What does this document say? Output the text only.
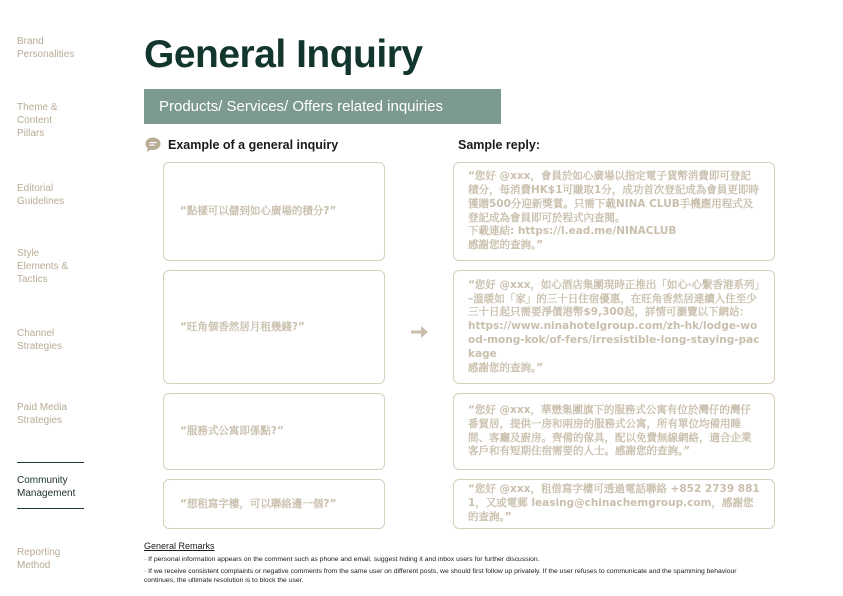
Brand
Personalities
Theme &
Content
Pillars
Editorial
Guidelines
Style
Elements &
Tactics
Channel
Strategies
Paid Media
Strategies
Community
Management
Reporting
Method
General Inquiry
Products/ Services/ Offers related inquiries
Example of a general inquiry	Sample reply:
“點樣可以儲到如心廣場的積分?”
“您好 @xxx，會員於如心廣場以指定電子貨幣消費即可登記積分，每消費HK$1可賺取1分，成功首次登記成為會員更即時獲贈500分迎新獎賞。只需下載NINA CLUB手機應用程式及登記成為會員即可於程式內查閱。
下載連結: https://l.ead.me/NINACLUB
感謝您的查詢。”
“旺角個香然居月租幾錢?”
“您好 @xxx，如心酒店集團現時正推出「如心‧心繫香港系列」–溫暖如「家」的三十日住宿優惠，在旺角香然居連續入住至少三十日起只需要淨價港幣$9,300起，詳情可瀏覽以下網站：
https://www.ninahotelgroup.com/zh-hk/lodge-wood-mong-kok/of-fers/irresistible-long-staying-package
感謝您的查詢。”
“服務式公寓即係點?”
“您好 @xxx，華懋集團旗下的服務式公寓有位於灣仔的灣仔番貿居，提供一房和兩房的服務式公寓，所有單位均備用睡間、客廳及廚房。齊備的傢具，配以免費無線網絡，適合企業客戶和有短期住宿需要的人士。感謝您的查詢。”
“想租寫字樓，可以聯絡邊一個?”
“您好 @xxx，租借寫字樓可透過電話聯絡 +852 2739 8811，又或電郵 leasing@chinachemgroup.com，感謝您的查詢。”
General Remarks
· If personal information appears on the comment such as phone and email, suggest hiding it and inbox users for further discussion.
· If we receive consistent complaints or negative comments from the same user on different posts, we should first follow up privately. If the user refuses to communicate and the spamming behaviour continues, the ultimate resolution is to block the user.
